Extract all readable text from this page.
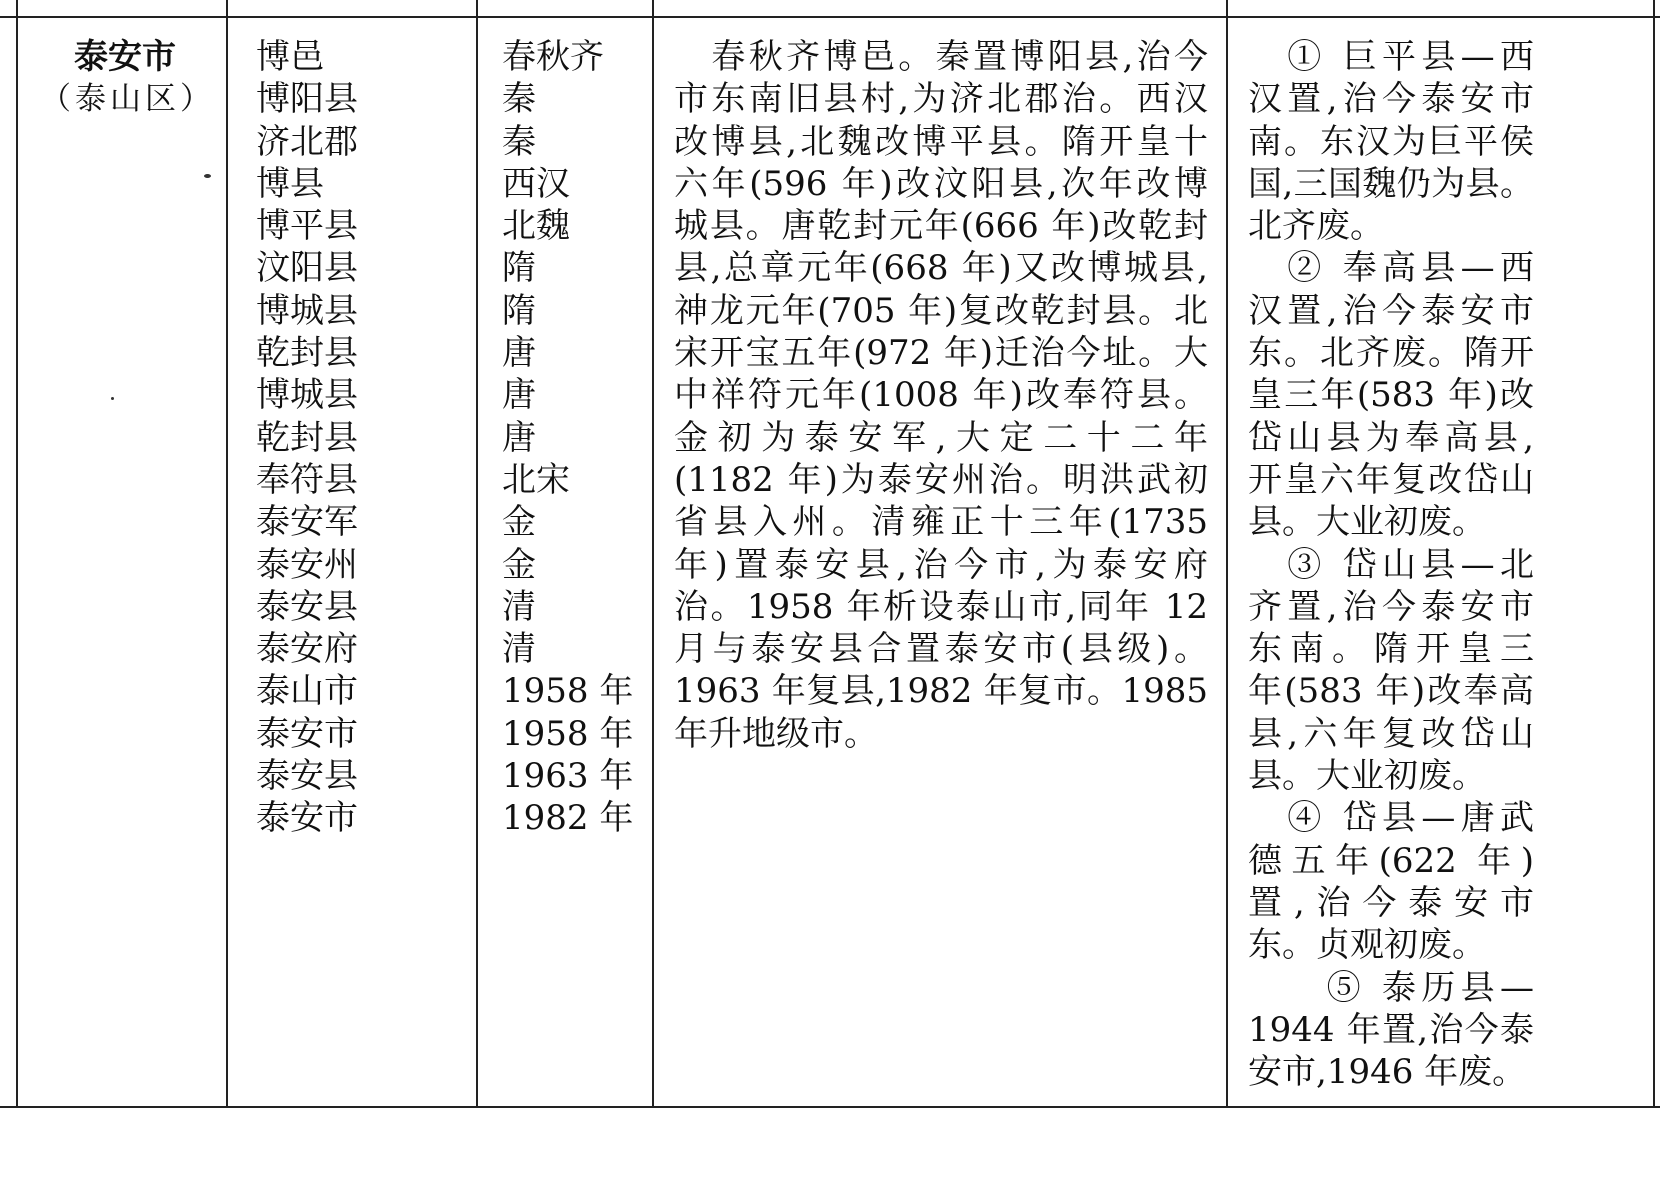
泰安市
（泰山区）
博邑
博阳县
济北郡
博县
博平县
汶阳县
博城县
乾封县
博城县
乾封县
奉符县
泰安军
泰安州
泰安县
泰安府
泰山市
泰安市
泰安县
泰安市
春秋齐
秦
秦
西汉
北魏
隋
隋
唐
唐
唐
北宋
金
金
清
清
1958 年
1958 年
1963 年
1982 年
　春秋齐博邑。秦置博阳县,治今
市东南旧县村,为济北郡治。西汉
改博县,北魏改博平县。隋开皇十
六年(596 年)改汶阳县,次年改博
城县。唐乾封元年(666 年)改乾封
县,总章元年(668 年)又改博城县,
神龙元年(705 年)复改乾封县。北
宋开宝五年(972 年)迁治今址。大
中祥符元年(1008 年)改奉符县。
金初为泰安军,大定二十二年
(1182 年)为泰安州治。明洪武初
省县入州。清雍正十三年(1735
年)置泰安县,治今市,为泰安府
治。1958 年析设泰山市,同年 12
月与泰安县合置泰安市(县级)。
1963 年复县,1982 年复市。1985
年升地级市。
　① 巨平县—西
汉置,治今泰安市
南。东汉为巨平侯
国,三国魏仍为县。
北齐废。
　② 奉高县—西
汉置,治今泰安市
东。北齐废。隋开
皇三年(583 年)改
岱山县为奉高县,
开皇六年复改岱山
县。大业初废。
　③ 岱山县—北
齐置,治今泰安市
东南。隋开皇三
年(583 年)改奉高
县,六年复改岱山
县。大业初废。
　④ 岱县—唐武
德五年(622 年)
置,治今泰安市
东。贞观初废。
　　⑤ 泰历县—
1944 年置,治今泰
安市,1946 年废。
